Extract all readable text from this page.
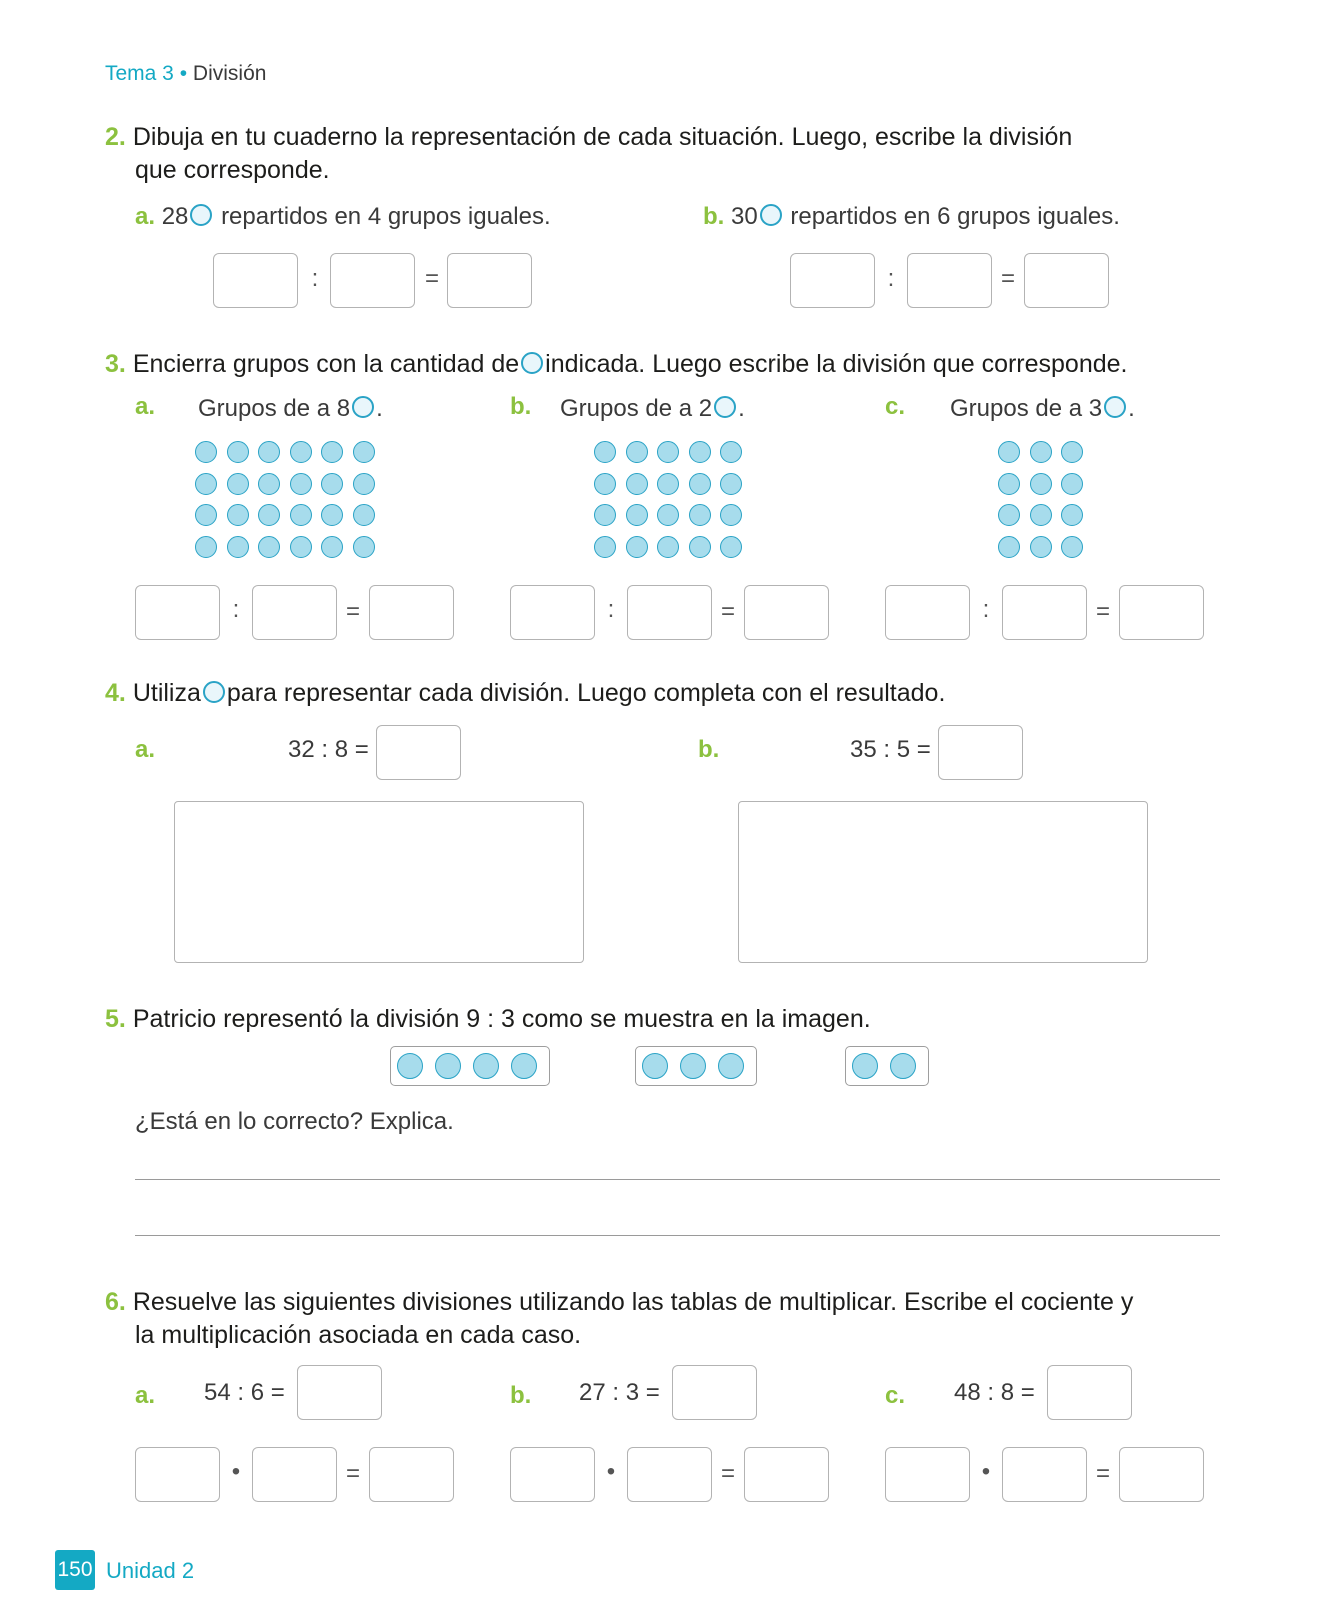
Tema 3 • División
2. Dibuja en tu cuaderno la representación de cada situación. Luego, escribe la división
que corresponde.
a. 28 repartidos en 4 grupos iguales.	b. 30 repartidos en 6 grupos iguales.
:	=	:	=
3. Encierra grupos con la cantidad de indicada. Luego escribe la división que corresponde.
a. Grupos de a 8 .	b. Grupos de a 2 .	c. Grupos de a 3 .
:	=	:	=	:	=
4. Utiliza para representar cada división. Luego completa con el resultado.
a.	32 : 8 =	b.	35 : 5 =
5. Patricio representó la división 9 : 3 como se muestra en la imagen.
¿Está en lo correcto? Explica.
6. Resuelve las siguientes divisiones utilizando las tablas de multiplicar. Escribe el cociente y
la multiplicación asociada en cada caso.
a. 54 : 6 =	b. 27 : 3 =	c. 48 : 8 =
•	=	•	=	•	=
150 Unidad 2
